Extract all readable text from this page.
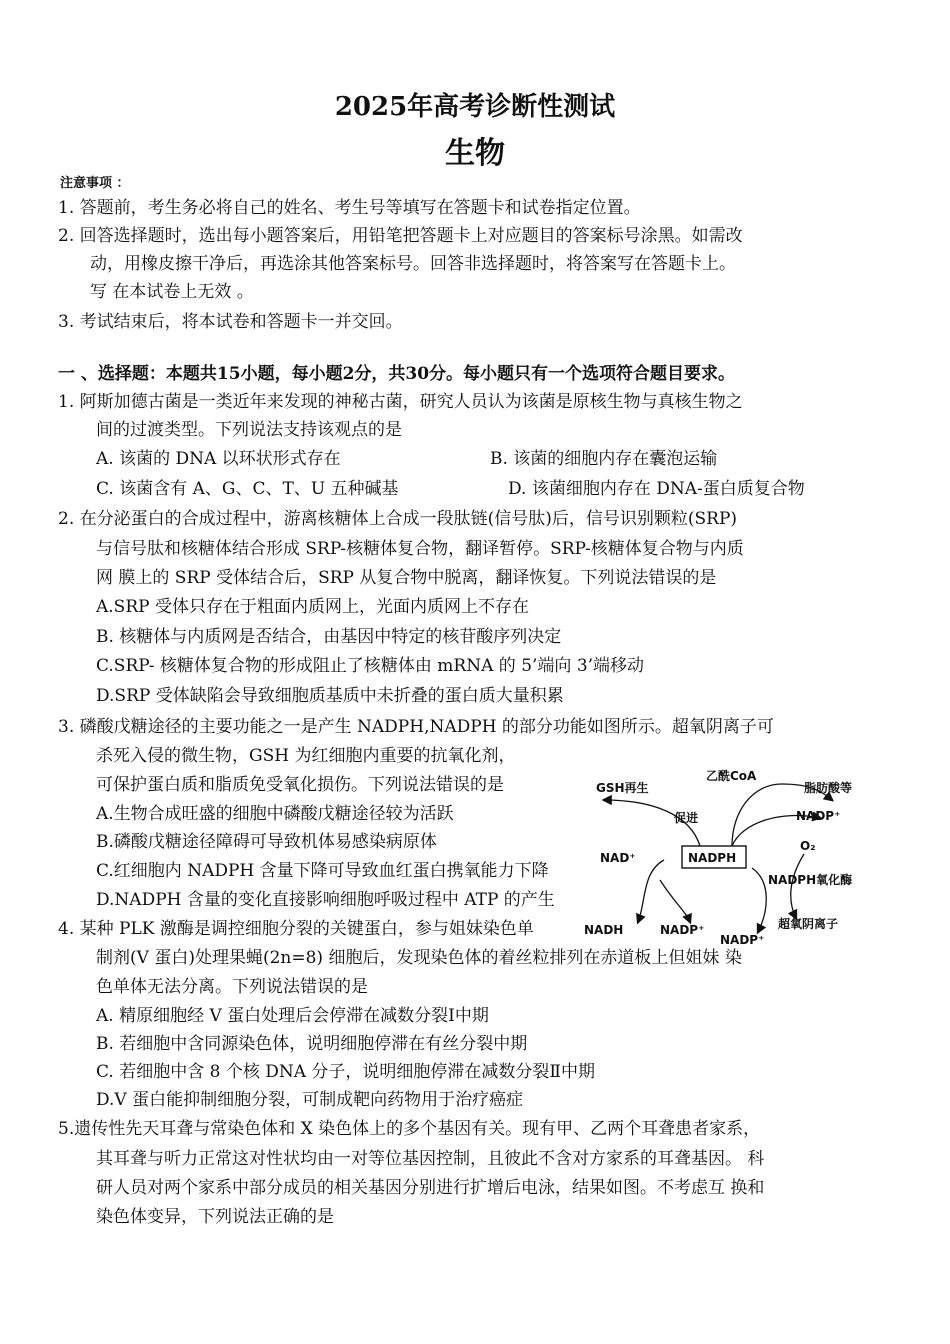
2025年高考诊断性测试
生物
注意事项 ：
1. 答题前，考生务必将自己的姓名、考生号等填写在答题卡和试卷指定位置。
2. 回答选择题时，选出每小题答案后，用铅笔把答题卡上对应题目的答案标号涂黑。如需改
动，用橡皮擦干净后，再选涂其他答案标号。回答非选择题时，将答案写在答题卡上。
写 在本试卷上无效 。
3. 考试结束后，将本试卷和答题卡一并交回。
一 、选择题：本题共15小题，每小题2分，共30分。每小题只有一个选项符合题目要求。
1. 阿斯加德古菌是一类近年来发现的神秘古菌，研究人员认为该菌是原核生物与真核生物之
间的过渡类型。下列说法支持该观点的是
A. 该菌的 DNA 以环状形式存在	B. 该菌的细胞内存在囊泡运输
C. 该菌含有 A、G、C、T、U 五种碱基	D. 该菌细胞内存在 DNA-蛋白质复合物
2. 在分泌蛋白的合成过程中，游离核糖体上合成一段肽链(信号肽)后，信号识别颗粒(SRP)
与信号肽和核糖体结合形成 SRP-核糖体复合物，翻译暂停。SRP-核糖体复合物与内质
网 膜上的 SRP 受体结合后，SRP 从复合物中脱离，翻译恢复。下列说法错误的是
A.SRP 受体只存在于粗面内质网上，光面内质网上不存在
B. 核糖体与内质网是否结合，由基因中特定的核苷酸序列决定
C.SRP- 核糖体复合物的形成阻止了核糖体由 mRNA 的 5’端向 3’端移动
D.SRP 受体缺陷会导致细胞质基质中未折叠的蛋白质大量积累
3. 磷酸戊糖途径的主要功能之一是产生 NADPH,NADPH 的部分功能如图所示。超氧阴离子可
杀死入侵的微生物，GSH 为红细胞内重要的抗氧化剂，
可保护蛋白质和脂质免受氧化损伤。下列说法错误的是
A.生物合成旺盛的细胞中磷酸戊糖途径较为活跃
B.磷酸戊糖途径障碍可导致机体易感染病原体
C.红细胞内 NADPH 含量下降可导致血红蛋白携氧能力下降
D.NADPH 含量的变化直接影响细胞呼吸过程中 ATP 的产生
NADPH
GSH再生
乙酰CoA
促进
脂肪酸等
NADP⁺
NAD⁺
O₂
NADPH氧化酶
NADH	NADP⁺	超氧阴离子
NADP⁺
4. 某种 PLK 激酶是调控细胞分裂的关键蛋白，参与姐妹染色单
制剂(V 蛋白)处理果蝇(2n=8) 细胞后，发现染色体的着丝粒排列在赤道板上但姐妹 染
色单体无法分离。下列说法错误的是
A. 精原细胞经 V 蛋白处理后会停滞在减数分裂Ⅰ中期
B. 若细胞中含同源染色体，说明细胞停滞在有丝分裂中期
C. 若细胞中含 8 个核 DNA 分子，说明细胞停滞在减数分裂Ⅱ中期
D.V 蛋白能抑制细胞分裂，可制成靶向药物用于治疗癌症
5.遗传性先天耳聋与常染色体和 X 染色体上的多个基因有关。现有甲、乙两个耳聋患者家系，
其耳聋与听力正常这对性状均由一对等位基因控制，且彼此不含对方家系的耳聋基因。 科
研人员对两个家系中部分成员的相关基因分别进行扩增后电泳，结果如图。不考虑互 换和
染色体变异，下列说法正确的是
